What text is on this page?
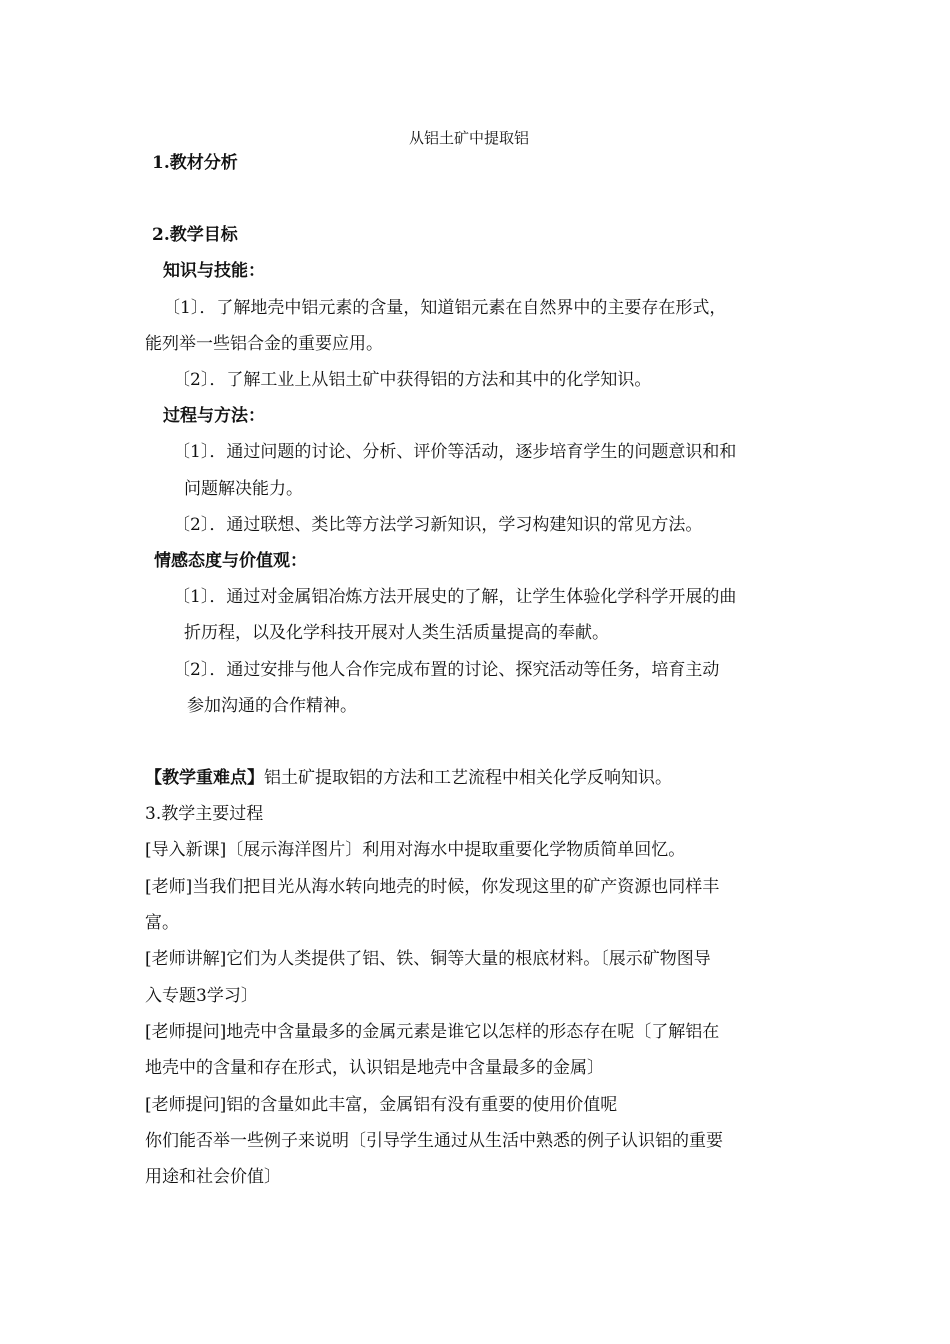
从铝土矿中提取铝
1.教材分析
2.教学目标
知识与技能：
〔1〕．了解地壳中铝元素的含量，知道铝元素在自然界中的主要存在形式，
能列举一些铝合金的重要应用。
〔2〕．了解工业上从铝土矿中获得铝的方法和其中的化学知识。
过程与方法：
〔1〕．通过问题的讨论、分析、评价等活动，逐步培育学生的问题意识和和
问题解决能力。
〔2〕．通过联想、类比等方法学习新知识，学习构建知识的常见方法。
情感态度与价值观：
〔1〕．通过对金属铝冶炼方法开展史的了解，让学生体验化学科学开展的曲
折历程，以及化学科技开展对人类生活质量提高的奉献。
〔2〕．通过安排与他人合作完成布置的讨论、探究活动等任务，培育主动
参加沟通的合作精神。
【教学重难点】铝土矿提取铝的方法和工艺流程中相关化学反响知识。
3.教学主要过程
[导入新课]〔展示海洋图片〕利用对海水中提取重要化学物质简单回忆。
[老师]当我们把目光从海水转向地壳的时候，你发现这里的矿产资源也同样丰
富。
[老师讲解]它们为人类提供了铝、铁、铜等大量的根底材料。〔展示矿物图导
入专题3学习〕
[老师提问]地壳中含量最多的金属元素是谁它以怎样的形态存在呢〔了解铝在
地壳中的含量和存在形式，认识铝是地壳中含量最多的金属〕
[老师提问]铝的含量如此丰富，金属铝有没有重要的使用价值呢
你们能否举一些例子来说明〔引导学生通过从生活中熟悉的例子认识铝的重要
用途和社会价值〕
